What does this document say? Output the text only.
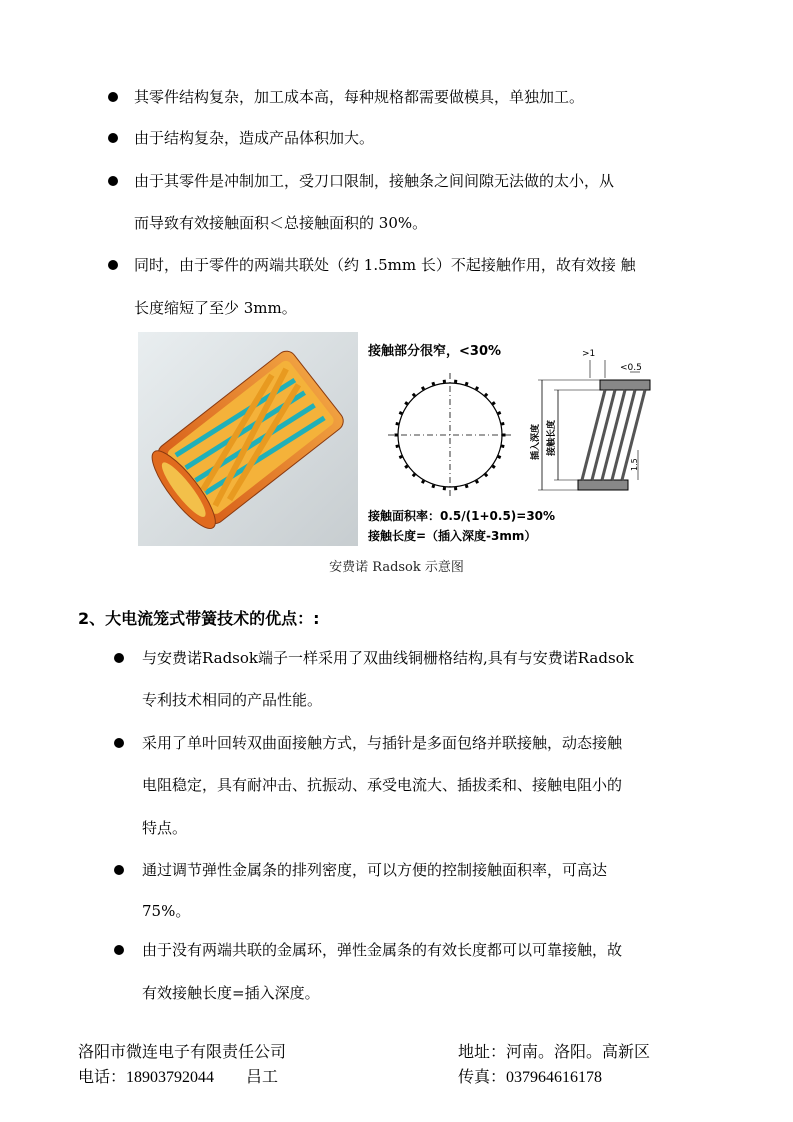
其零件结构复杂，加工成本高，每种规格都需要做模具，单独加工。
由于结构复杂，造成产品体积加大。
由于其零件是冲制加工，受刀口限制，接触条之间间隙无法做的太小，从
而导致有效接触面积＜总接触面积的 30%。
同时，由于零件的两端共联处（约 1.5mm 长）不起接触作用，故有效接 触
长度缩短了至少 3mm。
接触部分很窄，<30%
接触面积率：0.5/(1+0.5)=30%
接触长度=（插入深度-3mm）
>1
<0.5
1.5
插入深度 接触长度
安费诺 Radsok 示意图
2、大电流笼式带簧技术的优点：:
与安费诺Radsok端子一样采用了双曲线铜栅格结构,具有与安费诺Radsok
专利技术相同的产品性能。
采用了单叶回转双曲面接触方式，与插针是多面包络并联接触，动态接触
电阻稳定，具有耐冲击、抗振动、承受电流大、插拔柔和、接触电阻小的
特点。
通过调节弹性金属条的排列密度，可以方便的控制接触面积率，可高达
75%。
由于没有两端共联的金属环，弹性金属条的有效长度都可以可靠接触，故
有效接触长度=插入深度。
洛阳市微连电子有限责任公司	地址：河南。洛阳。高新区
电话：18903792044　　吕工	传真：037964616178
